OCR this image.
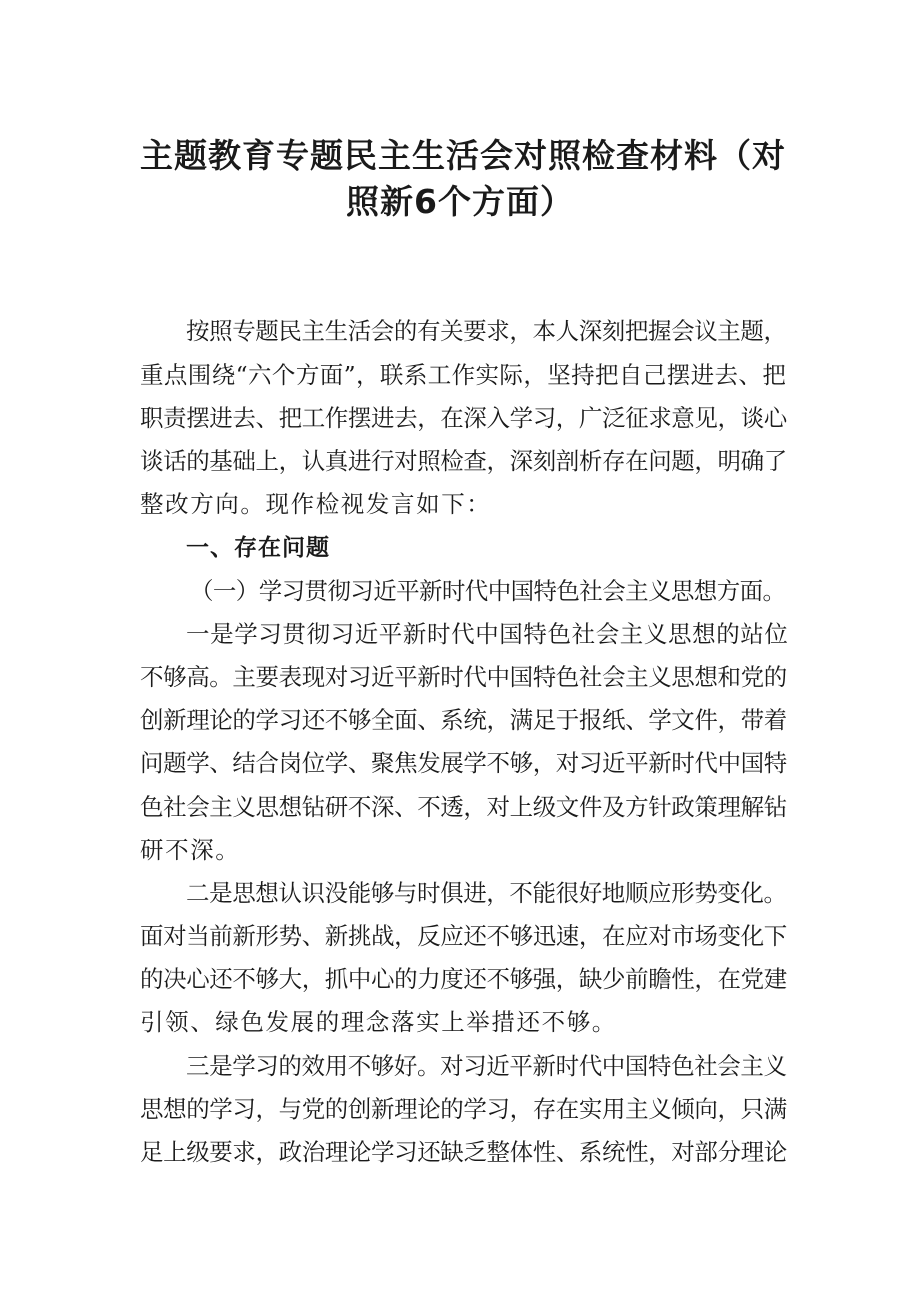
主题教育专题民主生活会对照检查材料（对
照新6个方面）
按照专题民主生活会的有关要求，本人深刻把握会议主题，
重点围绕“六个方面”，联系工作实际，坚持把自己摆进去、把
职责摆进去、把工作摆进去，在深入学习，广泛征求意见，谈心
谈话的基础上，认真进行对照检查，深刻剖析存在问题，明确了
整改方向。现作检视发言如下：
一、存在问题
（一）学习贯彻习近平新时代中国特色社会主义思想方面。
一是学习贯彻习近平新时代中国特色社会主义思想的站位
不够高。主要表现对习近平新时代中国特色社会主义思想和党的
创新理论的学习还不够全面、系统，满足于报纸、学文件，带着
问题学、结合岗位学、聚焦发展学不够，对习近平新时代中国特
色社会主义思想钻研不深、不透，对上级文件及方针政策理解钻
研不深。
二是思想认识没能够与时俱进，不能很好地顺应形势变化。
面对当前新形势、新挑战，反应还不够迅速，在应对市场变化下
的决心还不够大，抓中心的力度还不够强，缺少前瞻性，在党建
引领、绿色发展的理念落实上举措还不够。
三是学习的效用不够好。对习近平新时代中国特色社会主义
思想的学习，与党的创新理论的学习，存在实用主义倾向，只满
足上级要求，政治理论学习还缺乏整体性、系统性，对部分理论
